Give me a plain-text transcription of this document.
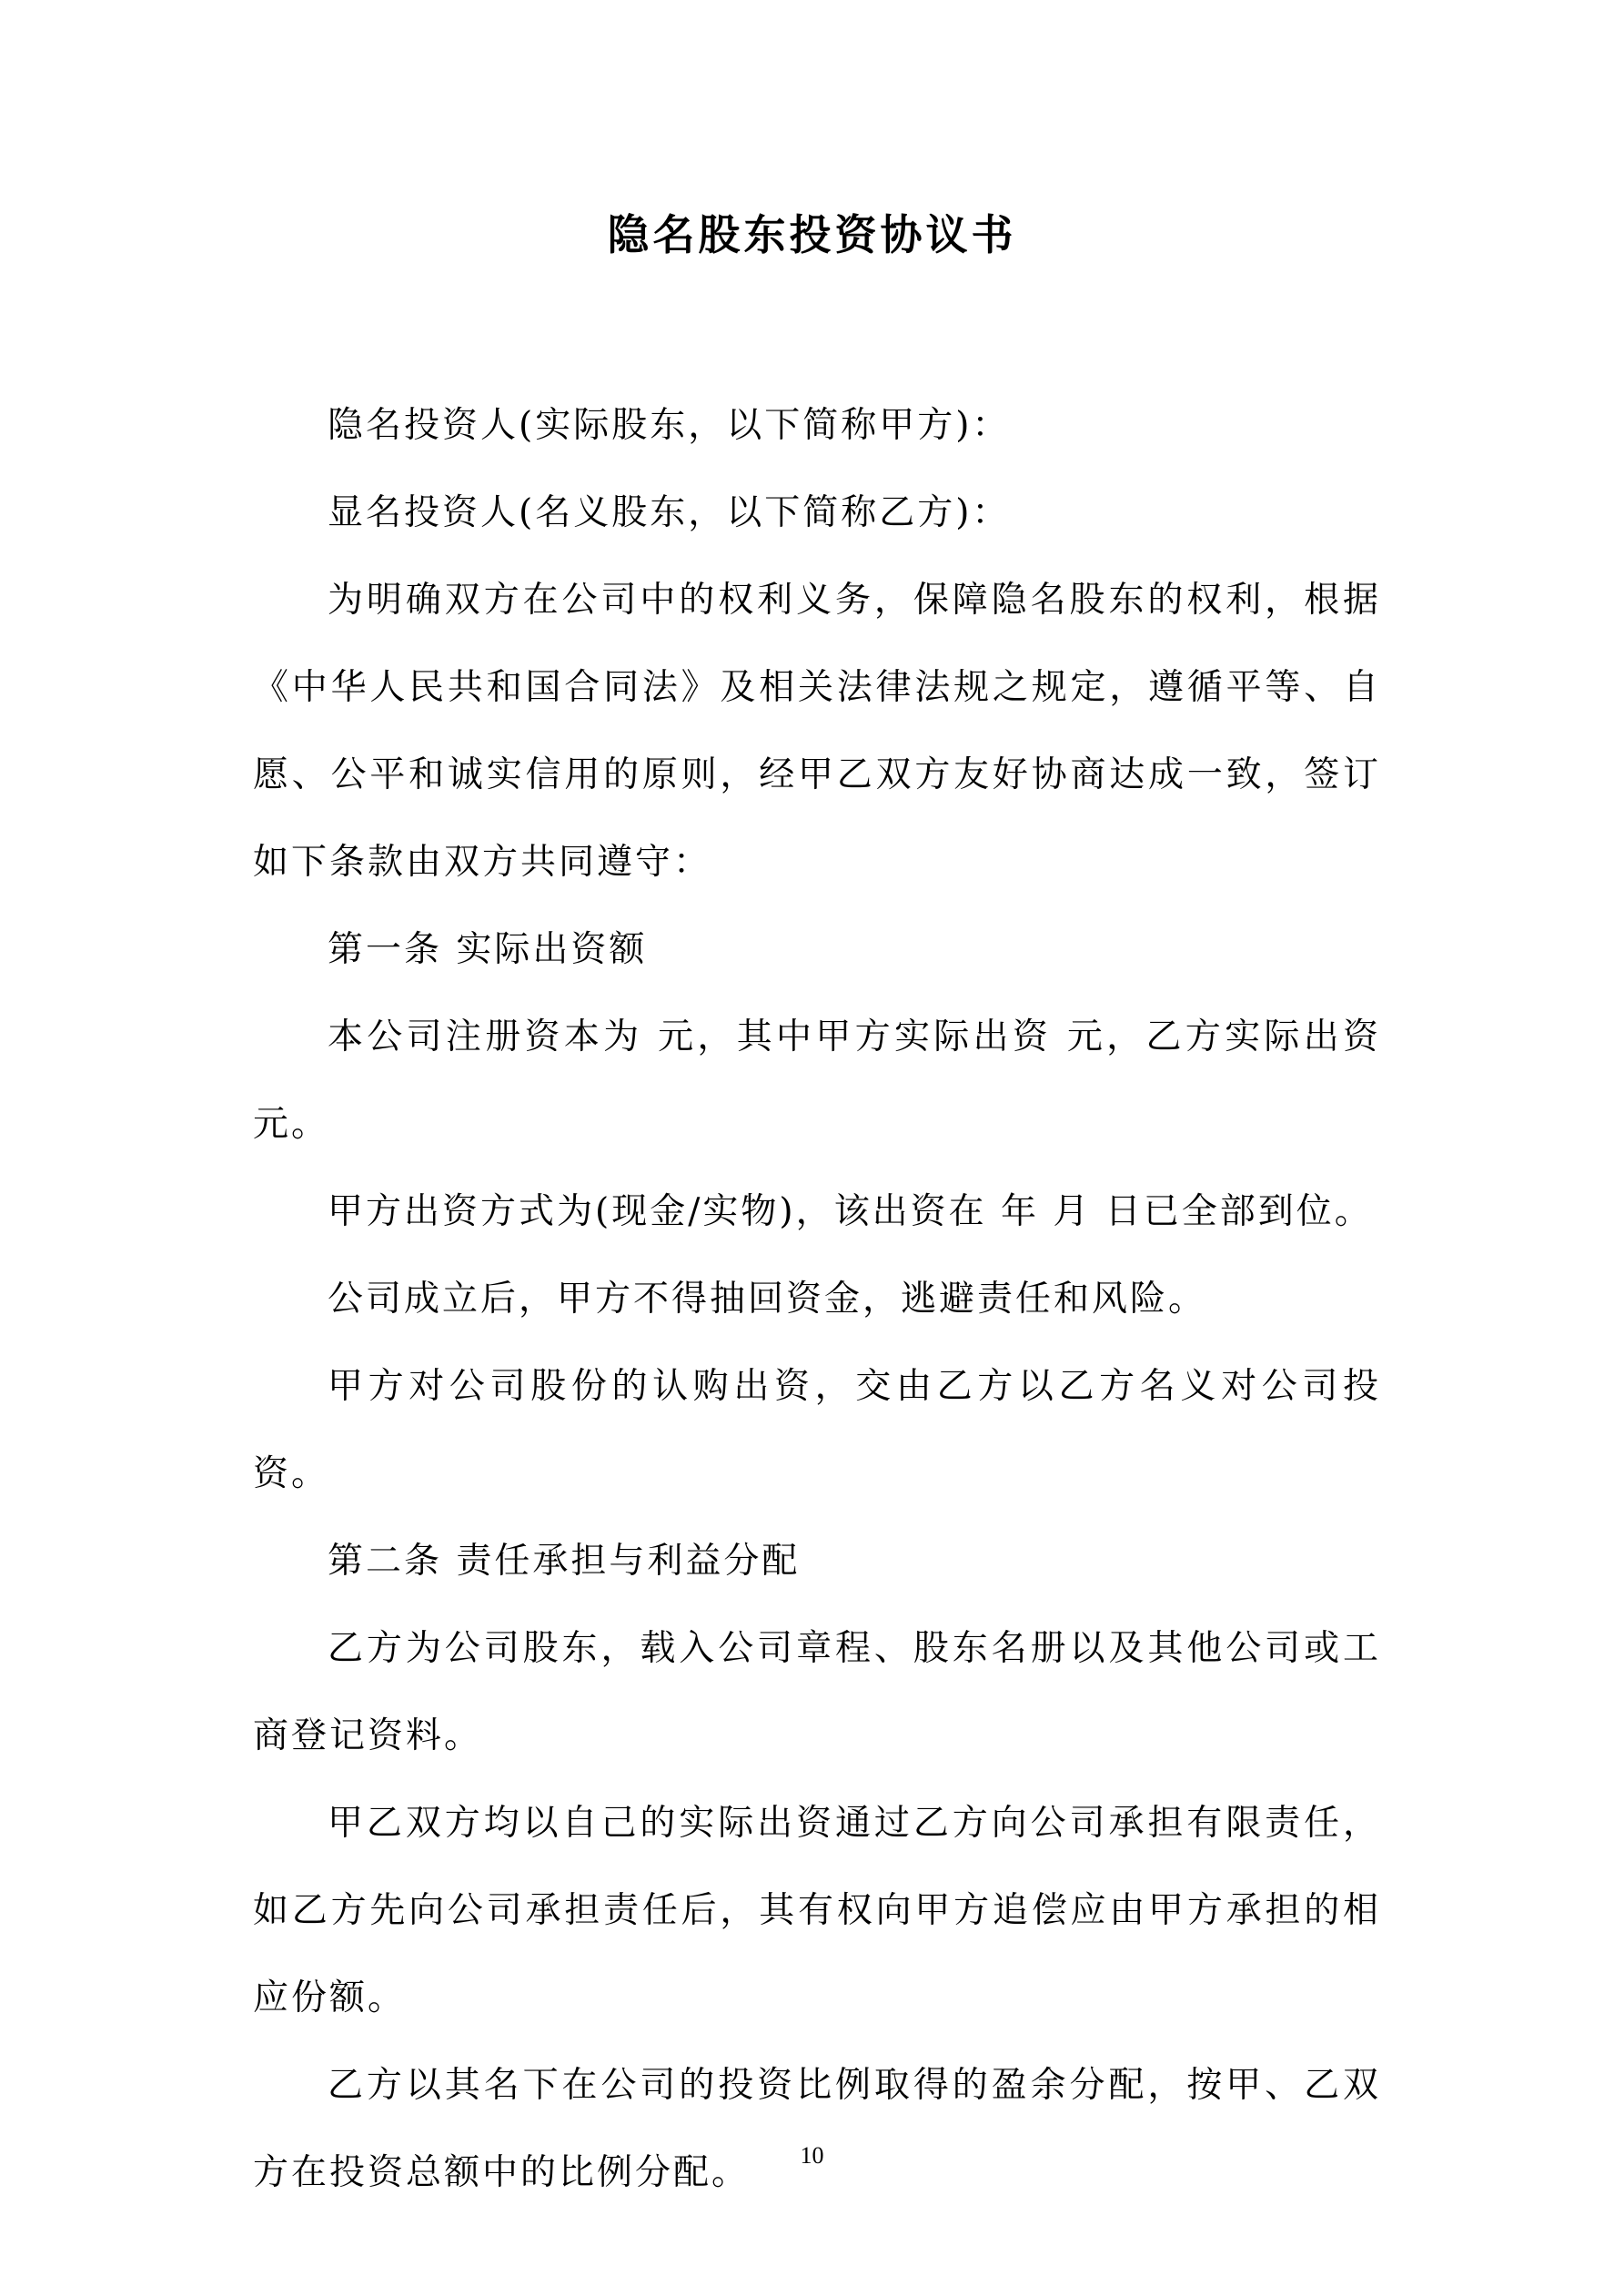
隐名股东投资协议书

隐名投资人(实际股东，以下简称甲方)：

显名投资人(名义股东，以下简称乙方)：

为明确双方在公司中的权利义务，保障隐名股东的权利，根据《中华人民共和国合同法》及相关法律法规之规定，遵循平等、自愿、公平和诚实信用的原则，经甲乙双方友好协商达成一致，签订如下条款由双方共同遵守：

第一条 实际出资额

本公司注册资本为 元，其中甲方实际出资 元，乙方实际出资元。

甲方出资方式为(现金/实物)，该出资在 年 月 日已全部到位。

公司成立后，甲方不得抽回资金，逃避责任和风险。

甲方对公司股份的认购出资，交由乙方以乙方名义对公司投资。

第二条 责任承担与利益分配

乙方为公司股东，载入公司章程、股东名册以及其他公司或工商登记资料。

甲乙双方均以自己的实际出资通过乙方向公司承担有限责任，如乙方先向公司承担责任后，其有权向甲方追偿应由甲方承担的相应份额。

乙方以其名下在公司的投资比例取得的盈余分配，按甲、乙双方在投资总额中的比例分配。	10
